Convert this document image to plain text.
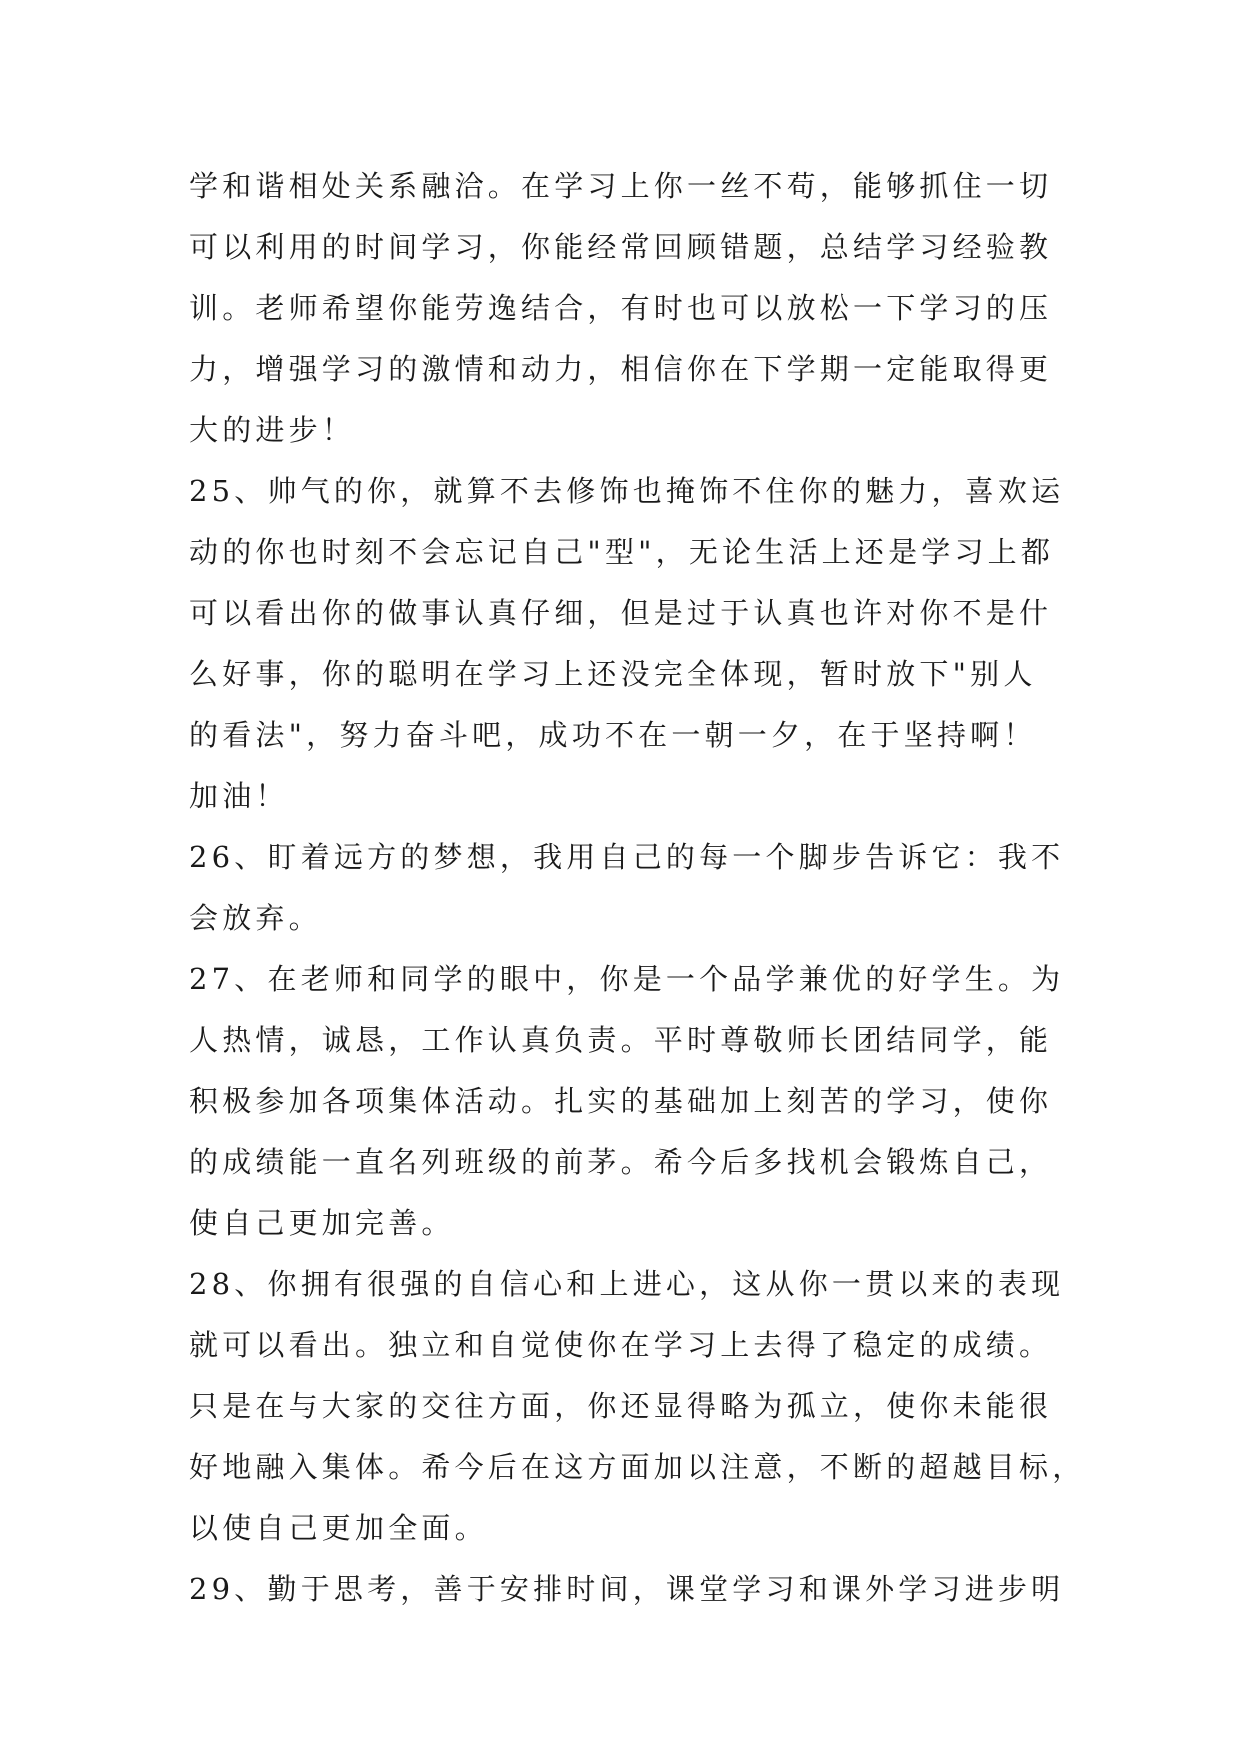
学和谐相处关系融洽。在学习上你一丝不苟，能够抓住一切
可以利用的时间学习，你能经常回顾错题，总结学习经验教
训。老师希望你能劳逸结合，有时也可以放松一下学习的压
力，增强学习的激情和动力，相信你在下学期一定能取得更
大的进步！
25、帅气的你，就算不去修饰也掩饰不住你的魅力，喜欢运
动的你也时刻不会忘记自己"型"，无论生活上还是学习上都
可以看出你的做事认真仔细，但是过于认真也许对你不是什
么好事，你的聪明在学习上还没完全体现，暂时放下"别人
的看法"，努力奋斗吧，成功不在一朝一夕，在于坚持啊！
加油！
26、盯着远方的梦想，我用自己的每一个脚步告诉它：我不
会放弃。
27、在老师和同学的眼中，你是一个品学兼优的好学生。为
人热情，诚恳，工作认真负责。平时尊敬师长团结同学，能
积极参加各项集体活动。扎实的基础加上刻苦的学习，使你
的成绩能一直名列班级的前茅。希今后多找机会锻炼自己，
使自己更加完善。
28、你拥有很强的自信心和上进心，这从你一贯以来的表现
就可以看出。独立和自觉使你在学习上去得了稳定的成绩。
只是在与大家的交往方面，你还显得略为孤立，使你未能很
好地融入集体。希今后在这方面加以注意，不断的超越目标，
以使自己更加全面。
29、勤于思考，善于安排时间，课堂学习和课外学习进步明
